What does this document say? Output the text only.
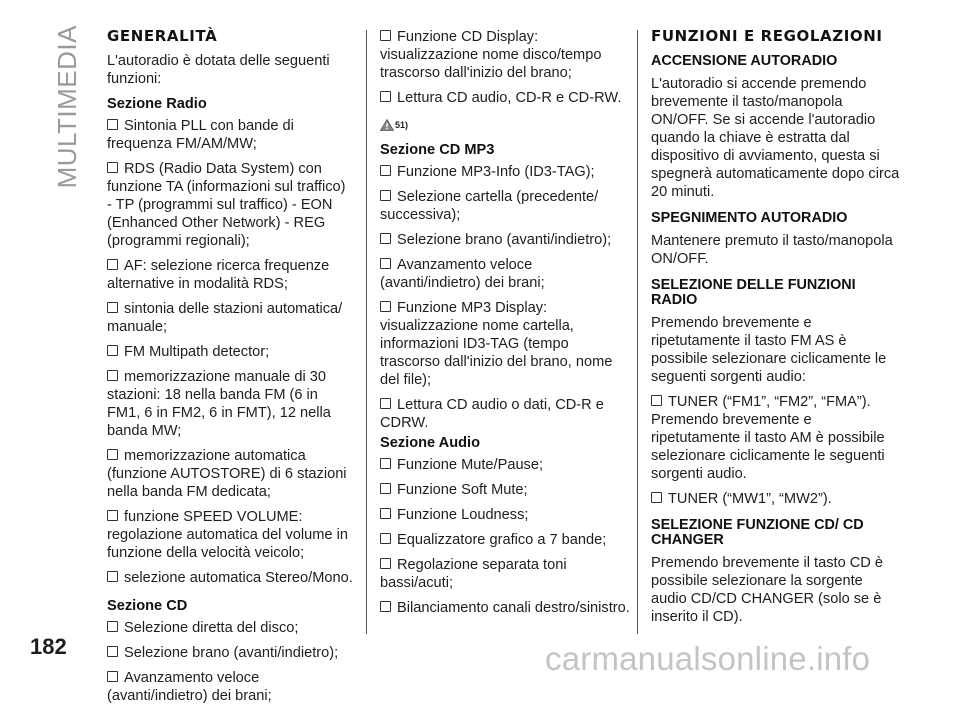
MULTIMEDIA GENERALITÀ
L'autoradio è dotata delle seguenti funzioni:
Sezione Radio
Sintonia PLL con bande di frequenza FM/AM/MW;
RDS (Radio Data System) con funzione TA (informazioni sul traffico) - TP (programmi sul traffico) - EON (Enhanced Other Network) - REG (programmi regionali);
AF: selezione ricerca frequenze alternative in modalità RDS;
sintonia delle stazioni automatica/ manuale;
FM Multipath detector;
memorizzazione manuale di 30 stazioni: 18 nella banda FM (6 in FM1, 6 in FM2, 6 in FMT), 12 nella banda MW;
memorizzazione automatica (funzione AUTOSTORE) di 6 stazioni nella banda FM dedicata;
funzione SPEED VOLUME: regolazione automatica del volume in funzione della velocità veicolo;
selezione automatica Stereo/Mono.
Sezione CD
Selezione diretta del disco;
Selezione brano (avanti/indietro);
Avanzamento veloce (avanti/indietro) dei brani;
Funzione CD Display: visualizzazione nome disco/tempo trascorso dall'inizio del brano;
Lettura CD audio, CD-R e CD-RW.
51)
Sezione CD MP3
Funzione MP3-Info (ID3-TAG);
Selezione cartella (precedente/ successiva);
Selezione brano (avanti/indietro);
Avanzamento veloce (avanti/indietro) dei brani;
Funzione MP3 Display: visualizzazione nome cartella, informazioni ID3-TAG (tempo trascorso dall'inizio del brano, nome del file);
Lettura CD audio o dati, CD-R e CDRW.
Sezione Audio
Funzione Mute/Pause;
Funzione Soft Mute;
Funzione Loudness;
Equalizzatore grafico a 7 bande;
Regolazione separata toni bassi/acuti;
Bilanciamento canali destro/sinistro.
FUNZIONI E REGOLAZIONI
ACCENSIONE AUTORADIO
L'autoradio si accende premendo brevemente il tasto/manopola ON/OFF. Se si accende l'autoradio quando la chiave è estratta dal dispositivo di avviamento, questa si spegnerà automaticamente dopo circa 20 minuti.
SPEGNIMENTO AUTORADIO
Mantenere premuto il tasto/manopola ON/OFF.
SELEZIONE DELLE FUNZIONI RADIO
Premendo brevemente e ripetutamente il tasto FM AS è possibile selezionare ciclicamente le seguenti sorgenti audio:
TUNER (“FM1”, “FM2”, “FMA”).
Premendo brevemente e ripetutamente il tasto AM è possibile selezionare ciclicamente le seguenti sorgenti audio.
TUNER (“MW1”, “MW2”).
SELEZIONE FUNZIONE CD/ CD CHANGER
Premendo brevemente il tasto CD è possibile selezionare la sorgente audio CD/CD CHANGER (solo se è inserito il CD).
182	carmanualsonline.info
